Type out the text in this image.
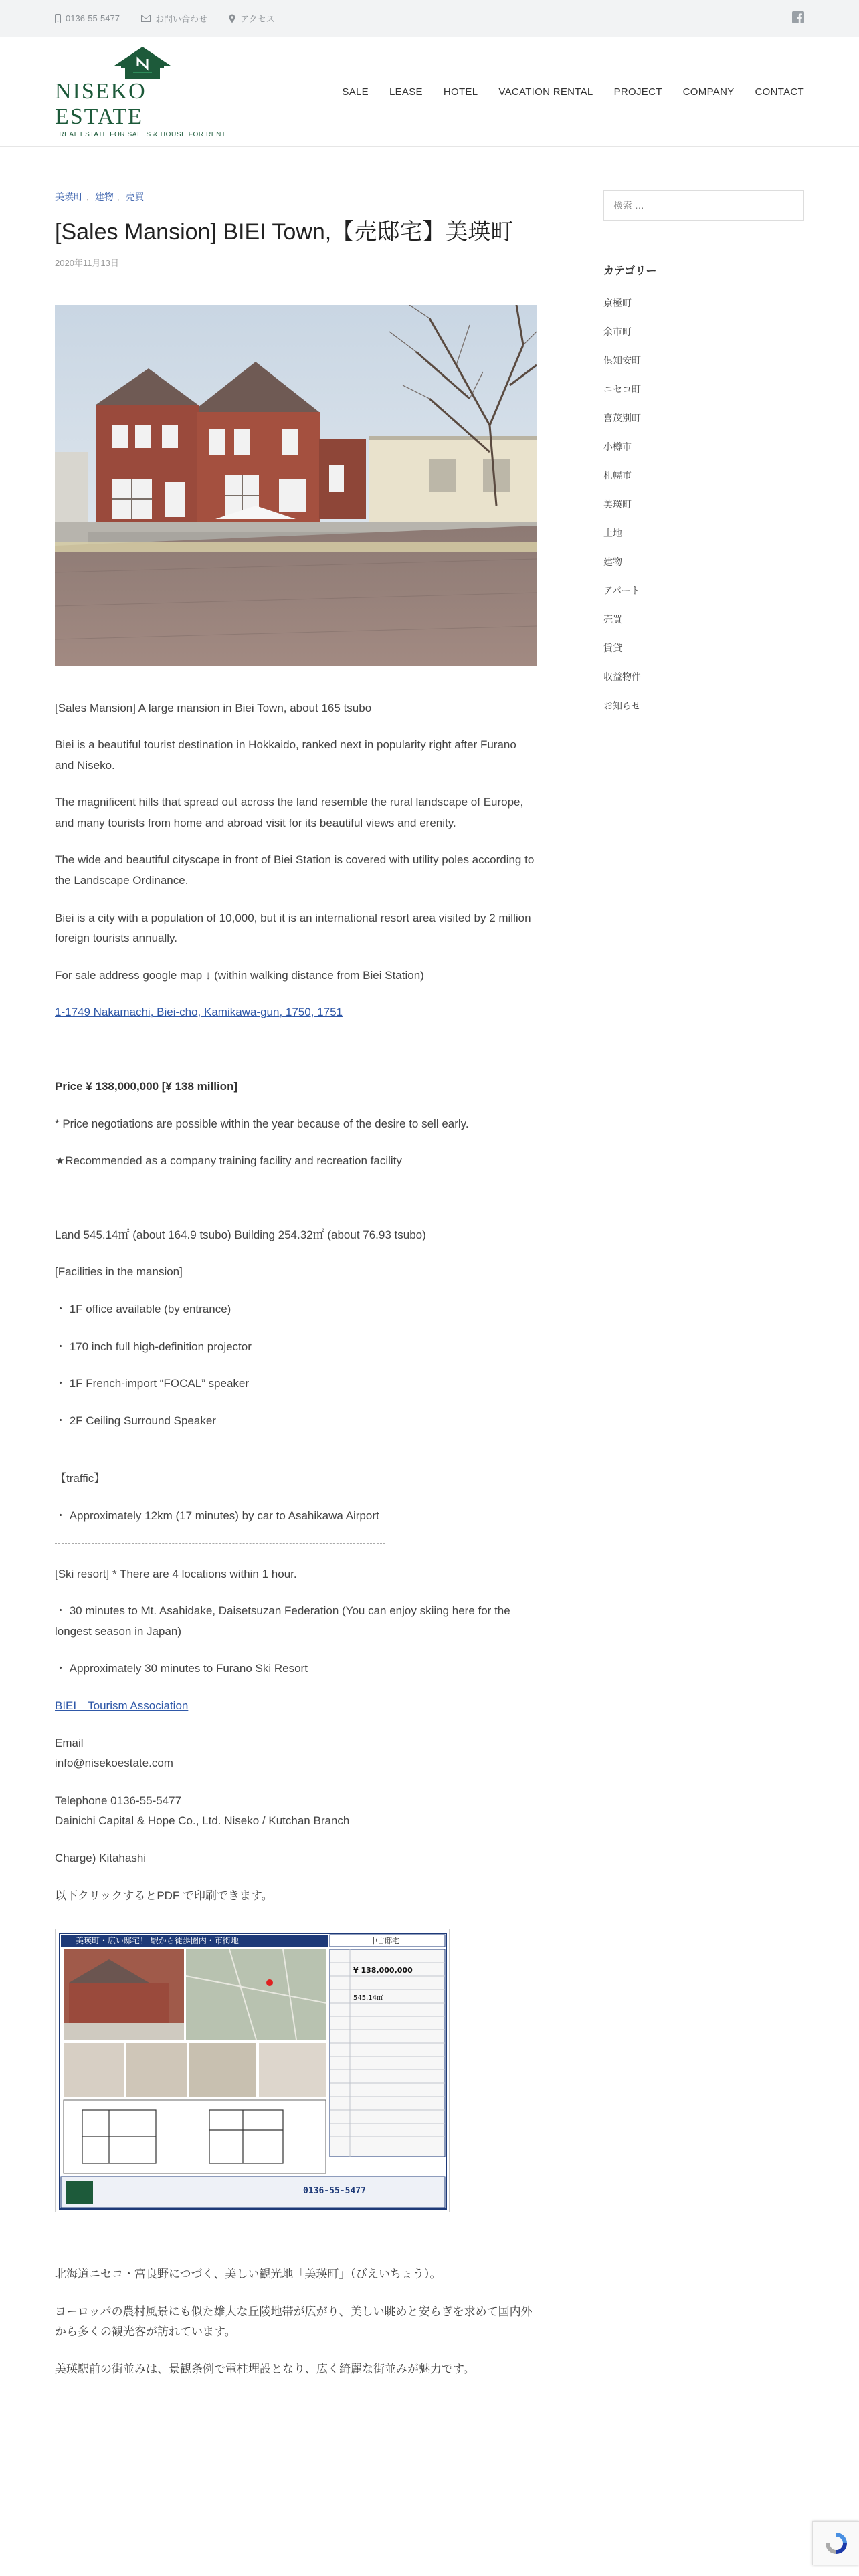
0136-55-5477	お問い合わせ	アクセス
NISEKO ESTATE
REAL ESTATE FOR SALES & HOUSE FOR RENT
SALE LEASE HOTEL VACATION RENTAL PROJECT COMPANY CONTACT
美瑛町 , 建物 , 売買
[Sales Mansion] BIEI Town,【売邸宅】美瑛町
2020年11月13日

[Sales Mansion] A large mansion in Biei Town, about 165 tsubo

Biei is a beautiful tourist destination in Hokkaido, ranked next in popularity right after Furano and Niseko.

The magnificent hills that spread out across the land resemble the rural landscape of Europe, and many tourists from home and abroad visit for its beautiful views and erenity.

The wide and beautiful cityscape in front of Biei Station is covered with utility poles according to the Landscape Ordinance.

Biei is a city with a population of 10,000, but it is an international resort area visited by 2 million foreign tourists annually.

For sale address google map ↓ (within walking distance from Biei Station)

1-1749 Nakamachi, Biei-cho, Kamikawa-gun, 1750, 1751

Price ¥ 138,000,000 [¥ 138 million]

* Price negotiations are possible within the year because of the desire to sell early.

★Recommended as a company training facility and recreation facility

Land 545.14㎡ (about 164.9 tsubo) Building 254.32㎡ (about 76.93 tsubo)

[Facilities in the mansion]

・ 1F office available (by entrance)

・ 170 inch full high-definition projector

・ 1F French-import “FOCAL” speaker

・ 2F Ceiling Surround Speaker

【traffic】

・ Approximately 12km (17 minutes) by car to Asahikawa Airport

[Ski resort] * There are 4 locations within 1 hour.

・ 30 minutes to Mt. Asahidake, Daisetsuzan Federation (You can enjoy skiing here for the longest season in Japan)

・ Approximately 30 minutes to Furano Ski Resort

BIEI　Tourism Association

Email

info@nisekoestate.com

Telephone 0136-55-5477

Dainichi Capital & Hope Co., Ltd. Niseko / Kutchan Branch

Charge) Kitahashi

以下クリックするとPDF で印刷できます。

美瑛町・広い邸宅！ 駅から徒歩圏内・市街地	中古邸宅
¥ 138,000,000
545.14㎡
0136-55-5477

北海道ニセコ・富良野につづく、美しい観光地「美瑛町」（びえいちょう）。

ヨーロッパの農村風景にも似た雄大な丘陵地帯が広がり、美しい眺めと安らぎを求めて国内外から多くの観光客が訪れています。

美瑛駅前の街並みは、景観条例で電柱埋設となり、広く綺麗な街並みが魅力です。

検索 …
カテゴリー
京極町
余市町
倶知安町
ニセコ町
喜茂別町
小樽市
札幌市
美瑛町
土地
建物
アパート
売買
賃貸
収益物件
お知らせ
